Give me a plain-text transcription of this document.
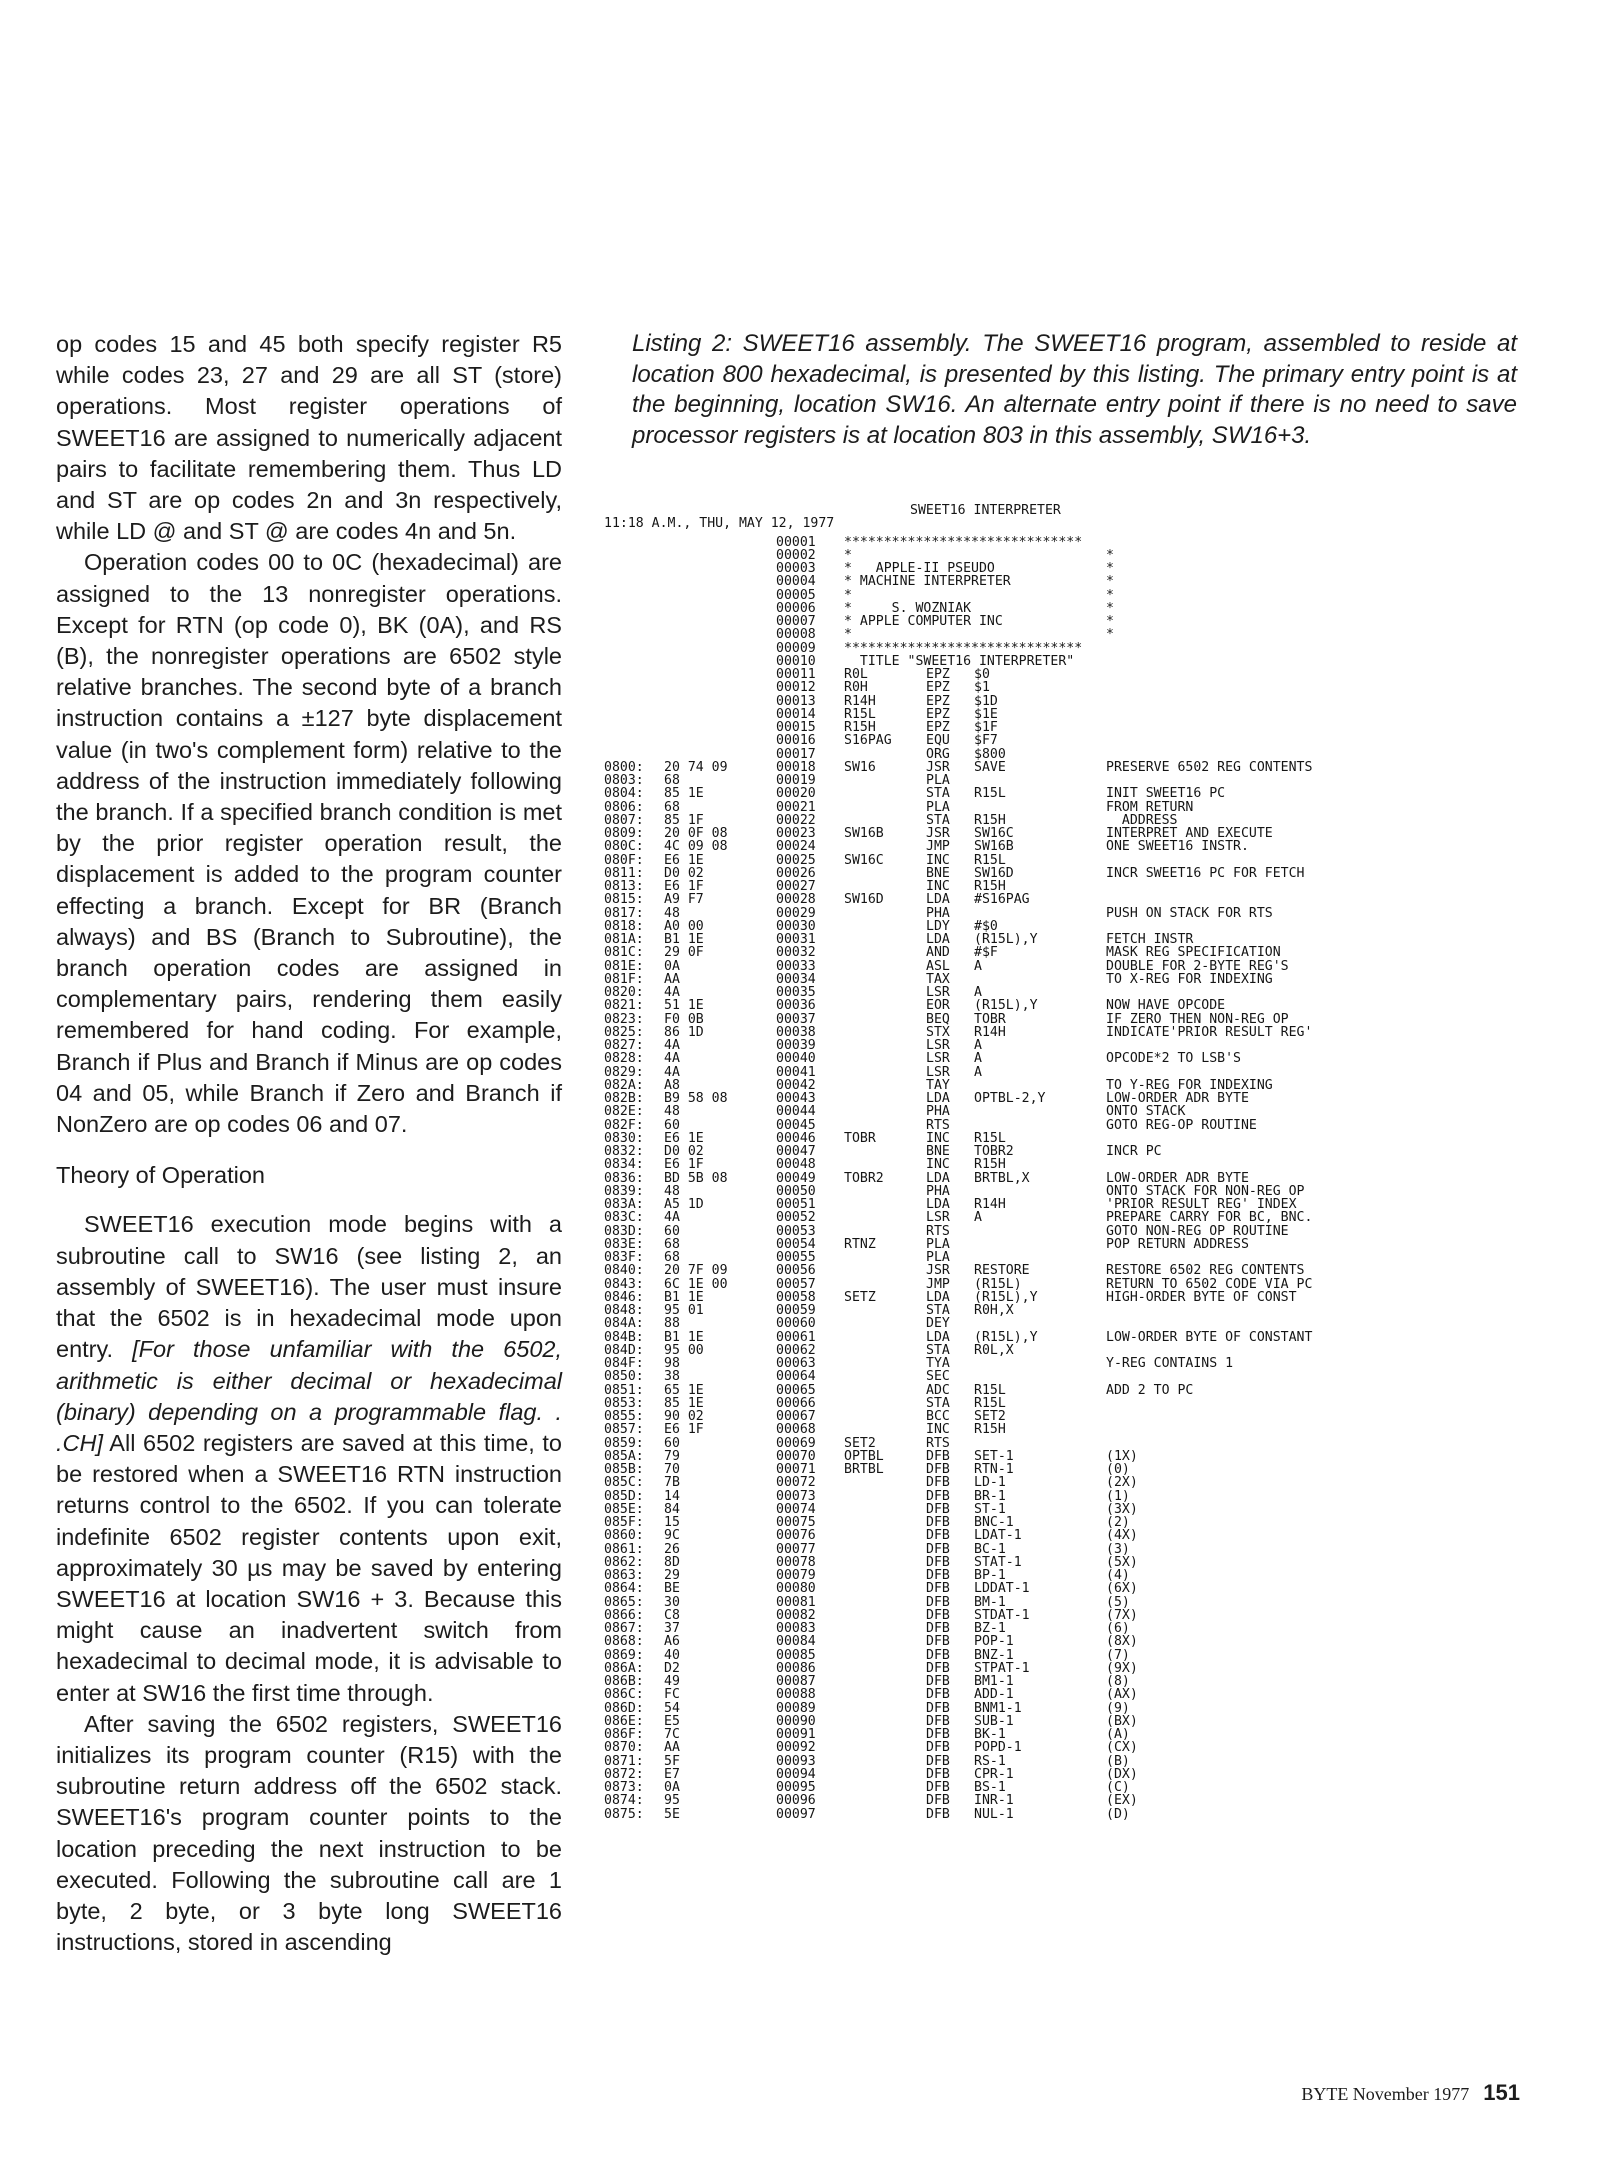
op codes 15 and 45 both specify register R5 while codes 23, 27 and 29 are all ST (store) operations. Most register operations of SWEET16 are assigned to numerically adjacent pairs to facilitate remembering them. Thus LD and ST are op codes 2n and 3n respectively, while LD @ and ST @ are codes 4n and 5n.

Operation codes 00 to 0C (hexadecimal) are assigned to the 13 nonregister operations. Except for RTN (op code 0), BK (0A), and RS (B), the nonregister operations are 6502 style relative branches. The second byte of a branch instruction contains a ±127 byte displacement value (in two's complement form) relative to the address of the instruction immediately following the branch. If a specified branch condition is met by the prior register operation result, the displacement is added to the program counter effecting a branch. Except for BR (Branch always) and BS (Branch to Subroutine), the branch operation codes are assigned in complementary pairs, rendering them easily remembered for hand coding. For example, Branch if Plus and Branch if Minus are op codes 04 and 05, while Branch if Zero and Branch if NonZero are op codes 06 and 07.

Theory of Operation

SWEET16 execution mode begins with a subroutine call to SW16 (see listing 2, an assembly of SWEET16). The user must insure that the 6502 is in hexadecimal mode upon entry. [For those unfamiliar with the 6502, arithmetic is either decimal or hexadecimal (binary) depending on a programmable flag. . .CH] All 6502 registers are saved at this time, to be restored when a SWEET16 RTN instruction returns control to the 6502. If you can tolerate indefinite 6502 register contents upon exit, approximately 30 µs may be saved by entering SWEET16 at location SW16 + 3. Because this might cause an inadvertent switch from hexadecimal to decimal mode, it is advisable to enter at SW16 the first time through.

After saving the 6502 registers, SWEET16 initializes its program counter (R15) with the subroutine return address off the 6502 stack. SWEET16's program counter points to the location preceding the next instruction to be executed. Following the subroutine call are 1 byte, 2 byte, or 3 byte long SWEET16 instructions, stored in ascending

Listing 2: SWEET16 assembly. The SWEET16 program, assembled to reside at location 800 hexadecimal, is presented by this listing. The primary entry point is at the beginning, location SW16. An alternate entry point if there is no need to save processor registers is at location 803 in this assembly, SW16+3.
SWEET16 INTERPRETER
11:18 A.M., THU, MAY 12, 1977
00001	******************************
00002	*	*
00003	*   APPLE-II PSEUDO	*
00004	* MACHINE INTERPRETER	*
00005	*	*
00006	*     S. WOZNIAK	*
00007	* APPLE COMPUTER INC	*
00008	*	*
00009	******************************
00010	TITLE "SWEET16 INTERPRETER"
00011	R0L	EPZ	$0
00012	R0H	EPZ	$1
00013	R14H	EPZ	$1D
00014	R15L	EPZ	$1E
00015	R15H	EPZ	$1F
00016	S16PAG	EQU	$F7
00017	ORG	$800
0800:	20 74 09	00018	SW16	JSR	SAVE	PRESERVE 6502 REG CONTENTS
0803:	68	00019	PLA
0804:	85 1E	00020	STA	R15L	INIT SWEET16 PC
0806:	68	00021	PLA	FROM RETURN
0807:	85 1F	00022	STA	R15H	ADDRESS
0809:	20 0F 08	00023	SW16B	JSR	SW16C	INTERPRET AND EXECUTE
080C:	4C 09 08	00024	JMP	SW16B	ONE SWEET16 INSTR.
080F:	E6 1E	00025	SW16C	INC	R15L
0811:	D0 02	00026	BNE	SW16D	INCR SWEET16 PC FOR FETCH
0813:	E6 1F	00027	INC	R15H
0815:	A9 F7	00028	SW16D	LDA	#S16PAG
0817:	48	00029	PHA	PUSH ON STACK FOR RTS
0818:	A0 00	00030	LDY	#$0
081A:	B1 1E	00031	LDA	(R15L),Y	FETCH INSTR
081C:	29 0F	00032	AND	#$F	MASK REG SPECIFICATION
081E:	0A	00033	ASL	A	DOUBLE FOR 2-BYTE REG'S
081F:	AA	00034	TAX	TO X-REG FOR INDEXING
0820:	4A	00035	LSR	A
0821:	51 1E	00036	EOR	(R15L),Y	NOW HAVE OPCODE
0823:	F0 0B	00037	BEQ	TOBR	IF ZERO THEN NON-REG OP
0825:	86 1D	00038	STX	R14H	INDICATE'PRIOR RESULT REG'
0827:	4A	00039	LSR	A
0828:	4A	00040	LSR	A	OPCODE*2 TO LSB'S
0829:	4A	00041	LSR	A
082A:	A8	00042	TAY	TO Y-REG FOR INDEXING
082B:	B9 58 08	00043	LDA	OPTBL-2,Y	LOW-ORDER ADR BYTE
082E:	48	00044	PHA	ONTO STACK
082F:	60	00045	RTS	GOTO REG-OP ROUTINE
0830:	E6 1E	00046	TOBR	INC	R15L
0832:	D0 02	00047	BNE	TOBR2	INCR PC
0834:	E6 1F	00048	INC	R15H
0836:	BD 5B 08	00049	TOBR2	LDA	BRTBL,X	LOW-ORDER ADR BYTE
0839:	48	00050	PHA	ONTO STACK FOR NON-REG OP
083A:	A5 1D	00051	LDA	R14H	'PRIOR RESULT REG' INDEX
083C:	4A	00052	LSR	A	PREPARE CARRY FOR BC, BNC.
083D:	60	00053	RTS	GOTO NON-REG OP ROUTINE
083E:	68	00054	RTNZ	PLA	POP RETURN ADDRESS
083F:	68	00055	PLA
0840:	20 7F 09	00056	JSR	RESTORE	RESTORE 6502 REG CONTENTS
0843:	6C 1E 00	00057	JMP	(R15L)	RETURN TO 6502 CODE VIA PC
0846:	B1 1E	00058	SETZ	LDA	(R15L),Y	HIGH-ORDER BYTE OF CONST
0848:	95 01	00059	STA	R0H,X
084A:	88	00060	DEY
084B:	B1 1E	00061	LDA	(R15L),Y	LOW-ORDER BYTE OF CONSTANT
084D:	95 00	00062	STA	R0L,X
084F:	98	00063	TYA	Y-REG CONTAINS 1
0850:	38	00064	SEC
0851:	65 1E	00065	ADC	R15L	ADD 2 TO PC
0853:	85 1E	00066	STA	R15L
0855:	90 02	00067	BCC	SET2
0857:	E6 1F	00068	INC	R15H
0859:	60	00069	SET2	RTS
085A:	79	00070	OPTBL	DFB	SET-1	(1X)
085B:	70	00071	BRTBL	DFB	RTN-1	(0)
085C:	7B	00072	DFB	LD-1	(2X)
085D:	14	00073	DFB	BR-1	(1)
085E:	84	00074	DFB	ST-1	(3X)
085F:	15	00075	DFB	BNC-1	(2)
0860:	9C	00076	DFB	LDAT-1	(4X)
0861:	26	00077	DFB	BC-1	(3)
0862:	8D	00078	DFB	STAT-1	(5X)
0863:	29	00079	DFB	BP-1	(4)
0864:	BE	00080	DFB	LDDAT-1	(6X)
0865:	30	00081	DFB	BM-1	(5)
0866:	C8	00082	DFB	STDAT-1	(7X)
0867:	37	00083	DFB	BZ-1	(6)
0868:	A6	00084	DFB	POP-1	(8X)
0869:	40	00085	DFB	BNZ-1	(7)
086A:	D2	00086	DFB	STPAT-1	(9X)
086B:	49	00087	DFB	BM1-1	(8)
086C:	FC	00088	DFB	ADD-1	(AX)
086D:	54	00089	DFB	BNM1-1	(9)
086E:	E5	00090	DFB	SUB-1	(BX)
086F:	7C	00091	DFB	BK-1	(A)
0870:	AA	00092	DFB	POPD-1	(CX)
0871:	5F	00093	DFB	RS-1	(B)
0872:	E7	00094	DFB	CPR-1	(DX)
0873:	0A	00095	DFB	BS-1	(C)
0874:	95	00096	DFB	INR-1	(EX)
0875:	5E	00097	DFB	NUL-1	(D)
BYTE November 1977 151
